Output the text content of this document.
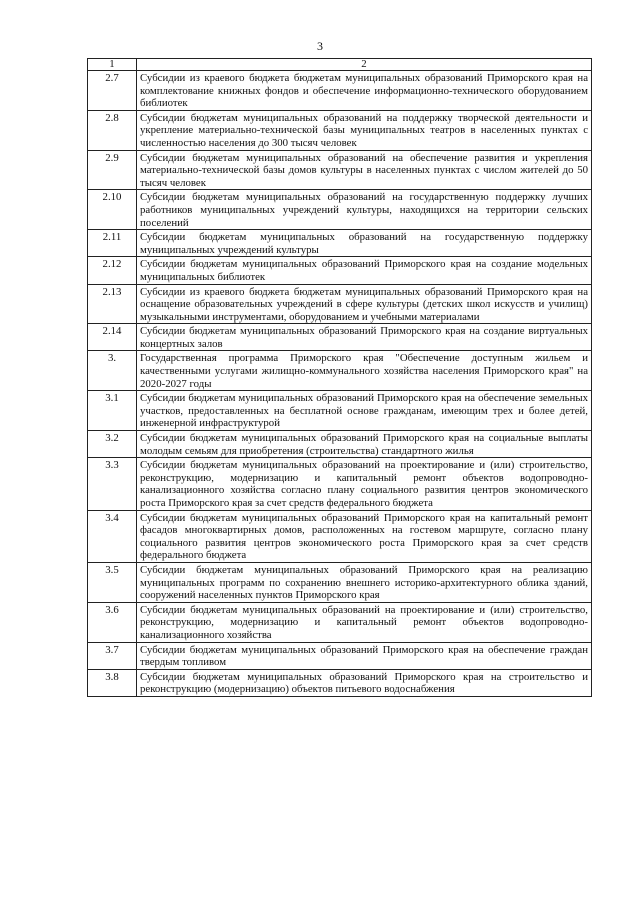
3
1	2
2.7	Субсидии из краевого бюджета бюджетам муниципальных образований Приморского края на комплектование книжных фондов и обеспечение информационно-технического оборудованием библиотек
2.8	Субсидии бюджетам муниципальных образований на поддержку творческой деятельности и укрепление материально-технической базы муниципальных театров в населенных пунктах с численностью населения до 300 тысяч человек
2.9	Субсидии бюджетам муниципальных образований на обеспечение развития и укрепления материально-технической базы домов культуры в населенных пунктах с числом жителей до 50 тысяч человек
2.10	Субсидии бюджетам муниципальных образований на государственную поддержку лучших работников муниципальных учреждений культуры, находящихся на территории сельских поселений
2.11	Субсидии бюджетам муниципальных образований на государственную поддержку муниципальных учреждений культуры
2.12	Субсидии бюджетам муниципальных образований Приморского края на создание модельных муниципальных библиотек
2.13	Субсидии из краевого бюджета бюджетам муниципальных образований Приморского края на оснащение образовательных учреждений в сфере культуры (детских школ искусств и училищ) музыкальными инструментами, оборудованием и учебными материалами
2.14	Субсидии бюджетам муниципальных образований Приморского края на создание виртуальных концертных залов
3.	Государственная программа Приморского края "Обеспечение доступным жильем и качественными услугами жилищно-коммунального хозяйства населения Приморского края" на 2020-2027 годы
3.1	Субсидии бюджетам муниципальных образований Приморского края на обеспечение земельных участков, предоставленных на бесплатной основе гражданам, имеющим трех и более детей, инженерной инфраструктурой
3.2	Субсидии бюджетам муниципальных образований Приморского края на социальные выплаты молодым семьям для приобретения (строительства) стандартного жилья
3.3	Субсидии бюджетам муниципальных образований на проектирование и (или) строительство, реконструкцию, модернизацию и капитальный ремонт объектов водопроводно-канализационного хозяйства согласно плану социального развития центров экономического роста Приморского края за счет средств федерального бюджета
3.4	Субсидии бюджетам муниципальных образований Приморского края на капитальный ремонт фасадов многоквартирных домов, расположенных на гостевом маршруте, согласно плану социального развития центров экономического роста Приморского края за счет средств федерального бюджета
3.5	Субсидии бюджетам муниципальных образований Приморского края на реализацию муниципальных программ по сохранению внешнего историко-архитектурного облика зданий, сооружений населенных пунктов Приморского края
3.6	Субсидии бюджетам муниципальных образований на проектирование и (или) строительство, реконструкцию, модернизацию и капитальный ремонт объектов водопроводно-канализационного хозяйства
3.7	Субсидии бюджетам муниципальных образований Приморского края на обеспечение граждан твердым топливом
3.8	Субсидии бюджетам муниципальных образований Приморского края на строительство и реконструкцию (модернизацию) объектов питьевого водоснабжения
